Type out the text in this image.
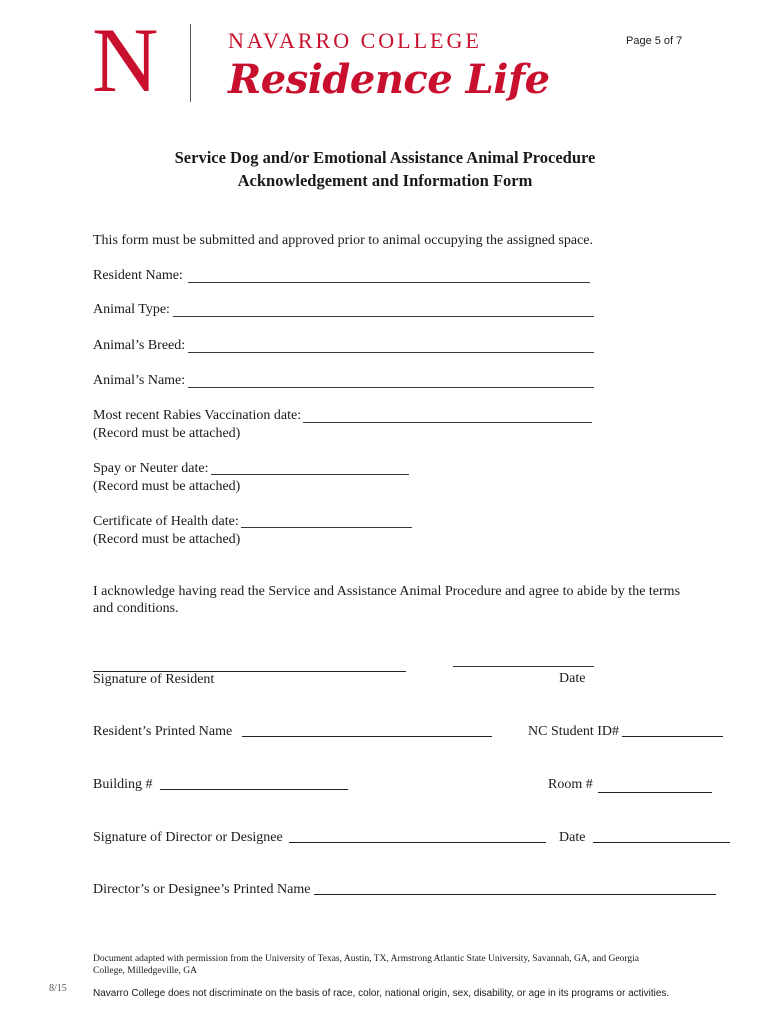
N	NAVARRO COLLEGE
Residence Life
Page 5 of 7
Service Dog and/or Emotional Assistance Animal Procedure
Acknowledgement and Information Form
This form must be submitted and approved prior to animal occupying the assigned space.
Resident Name:
Animal Type:
Animal’s Breed:
Animal’s Name:
Most recent Rabies Vaccination date:
(Record must be attached)
Spay or Neuter date:
(Record must be attached)
Certificate of Health date:
(Record must be attached)
I acknowledge having read the Service and Assistance Animal Procedure and agree to abide by the terms
and conditions.
Signature of Resident	Date
Resident’s Printed Name	NC Student ID#
Building #	Room #
Signature of Director or Designee	Date
Director’s or Designee’s Printed Name
Document adapted with permission from the University of Texas, Austin, TX, Armstrong Atlantic State University, Savannah, GA, and Georgia
College, Milledgeville, GA
8/15	Navarro College does not discriminate on the basis of race, color, national origin, sex, disability, or age in its programs or activities.
